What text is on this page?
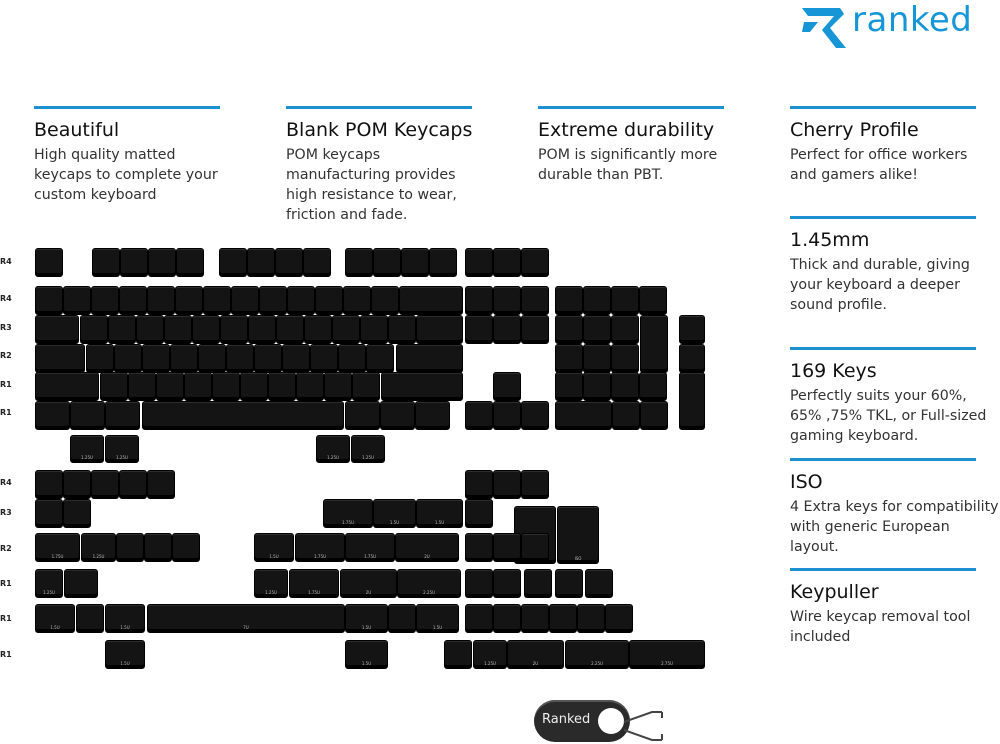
ranked
Beautiful
High quality matted keycaps to complete your custom keyboard
Blank POM Keycaps
POM keycaps manufacturing provides high resistance to wear, friction and fade.
Extreme durability
POM is significantly more durable than PBT.
Cherry Profile
Perfect for office workers and gamers alike!
1.45mm
Thick and durable, giving your keyboard a deeper sound profile.
169 Keys
Perfectly suits your 60%, 65% ,75% TKL, or Full-sized gaming keyboard.
ISO
4 Extra keys for compatibility with generic European layout.
Keypuller
Wire keycap removal tool included
R4
R4
R3
R2
R1
R1
R4
R3
R2
R1
R1
R1
1.25U	1.25U	1.25U	1.25U
1.75U	1.5U	1.5U
ISO
1.75U	1.25U	1.5U	1.75U	1.75U	2U
1.25U	1.25U	1.75U	2U	2.25U
1.5U	1.5U	7U	1.5U	1.5U
1.5U	1.5U	1.25U	2U	2.25U	2.75U
Ranked
